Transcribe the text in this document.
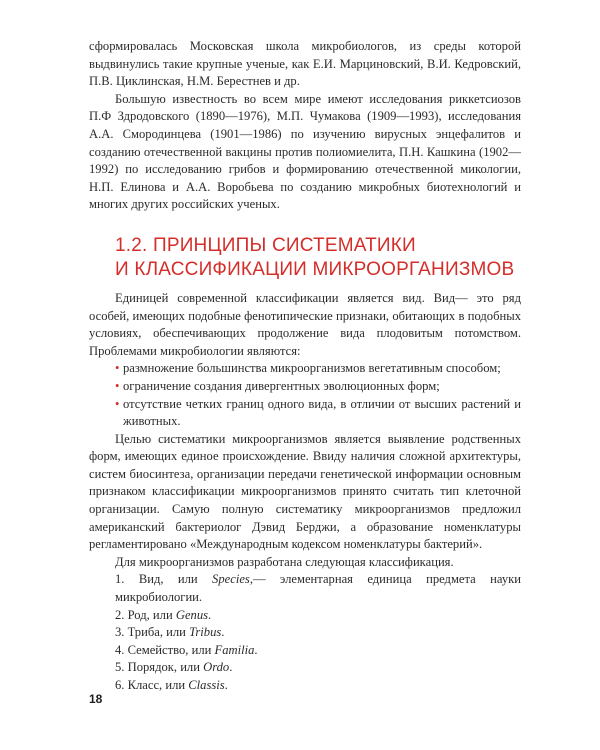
сформировалась Московская школа микробиологов, из среды которой выдвинулись такие крупные ученые, как Е.И. Марциновский, В.И. Кедровский, П.В. Циклинская, Н.М. Берестнев и др.

Большую известность во всем мире имеют исследования риккетсиозов П.Ф Здродовского (1890—1976), М.П. Чумакова (1909—1993), исследования А.А. Смородинцева (1901—1986) по изучению вирусных энцефалитов и созданию отечественной вакцины против полиомиелита, П.Н. Кашкина (1902—1992) по исследованию грибов и формированию отечественной микологии, Н.П. Елинова и А.А. Воробьева по созданию микробных биотехнологий и многих других российских ученых.

1.2. ПРИНЦИПЫ СИСТЕМАТИКИ
И КЛАССИФИКАЦИИ МИКРООРГАНИЗМОВ

Единицей современной классификации является вид. Вид— это ряд особей, имеющих подобные фенотипические признаки, обитающих в подобных условиях, обеспечивающих продолжение вида плодовитым потомством. Проблемами микробиологии являются:

• размножение большинства микроорганизмов вегетативным способом;
• ограничение создания дивергентных эволюционных форм;
• отсутствие четких границ одного вида, в отличии от высших растений и животных.

Целью систематики микроорганизмов является выявление родственных форм, имеющих единое происхождение. Ввиду наличия сложной архитектуры, систем биосинтеза, организации передачи генетической информации основным признаком классификации микроорганизмов принято считать тип клеточной организации. Самую полную систематику микроорганизмов предложил американский бактериолог Дэвид Берджи, а образование номенклатуры регламентировано «Международным кодексом номенклатуры бактерий».

Для микроорганизмов разработана следующая классификация.

1. Вид, или Species,— элементарная единица предмета науки микробиологии.
2. Род, или Genus.
3. Триба, или Tribus.
4. Семейство, или Familia.
5. Порядок, или Ordo.
6. Класс, или Classis.
18
